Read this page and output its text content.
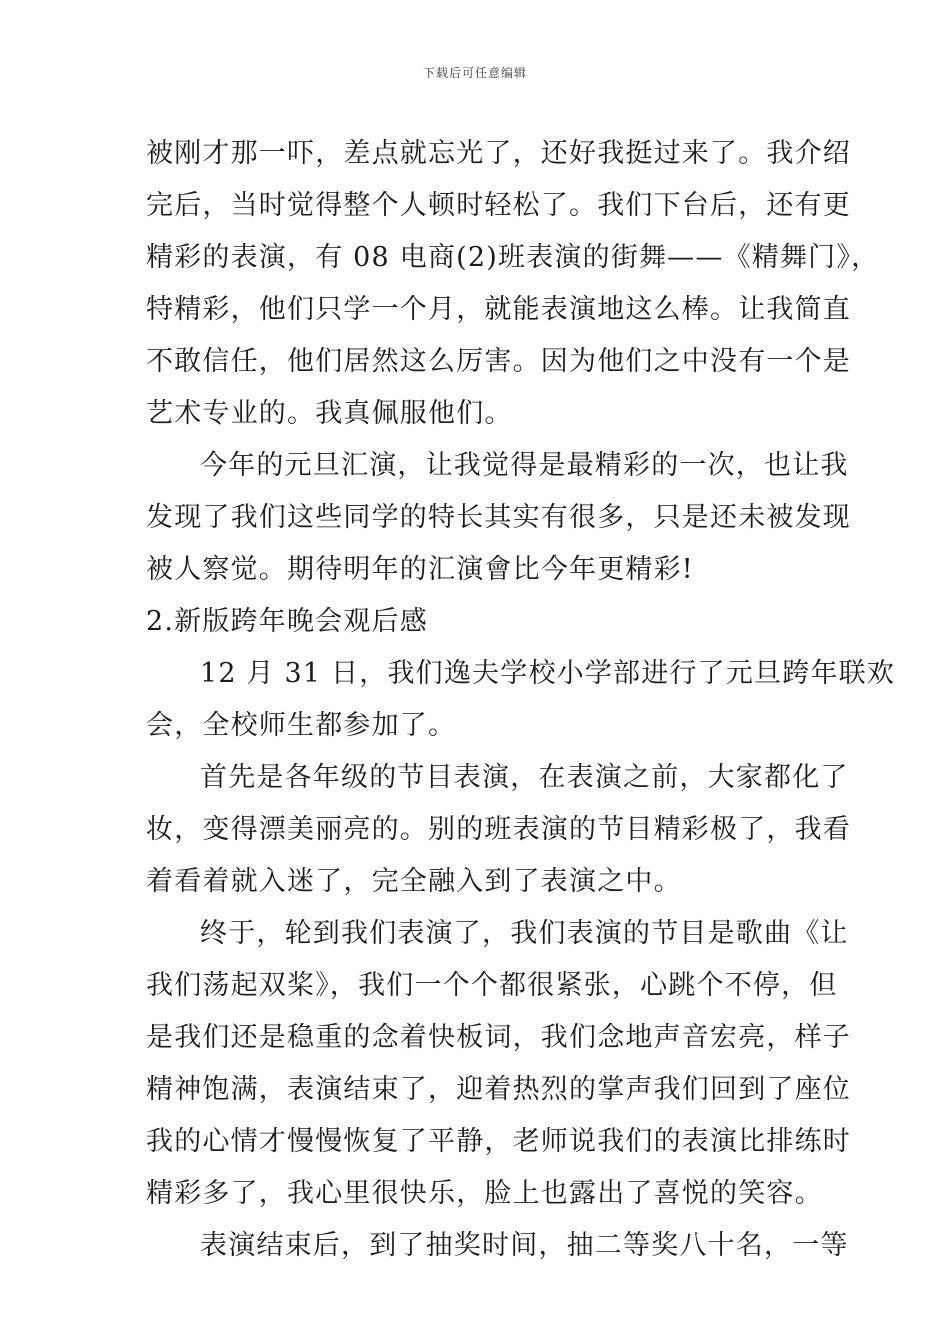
下载后可任意编辑
被刚才那一吓，差点就忘光了，还好我挺过来了。我介绍
完后，当时觉得整个人顿时轻松了。我们下台后，还有更
精彩的表演，有 08 电商(2)班表演的街舞——《精舞门》，
特精彩，他们只学一个月，就能表演地这么棒。让我简直
不敢信任，他们居然这么厉害。因为他们之中没有一个是
艺术专业的。我真佩服他们。
今年的元旦汇演，让我觉得是最精彩的一次，也让我
发现了我们这些同学的特长其实有很多，只是还未被发现
被人察觉。期待明年的汇演會比今年更精彩!
2.新版跨年晚会观后感
12 月 31 日，我们逸夫学校小学部进行了元旦跨年联欢
会，全校师生都参加了。
首先是各年级的节目表演，在表演之前，大家都化了
妆，变得漂美丽亮的。别的班表演的节目精彩极了，我看
着看着就入迷了，完全融入到了表演之中。
终于，轮到我们表演了，我们表演的节目是歌曲《让
我们荡起双桨》，我们一个个都很紧张，心跳个不停，但
是我们还是稳重的念着快板词，我们念地声音宏亮，样子
精神饱满，表演结束了，迎着热烈的掌声我们回到了座位
我的心情才慢慢恢复了平静，老师说我们的表演比排练时
精彩多了，我心里很快乐，脸上也露出了喜悦的笑容。
表演结束后，到了抽奖时间，抽二等奖八十名，一等
